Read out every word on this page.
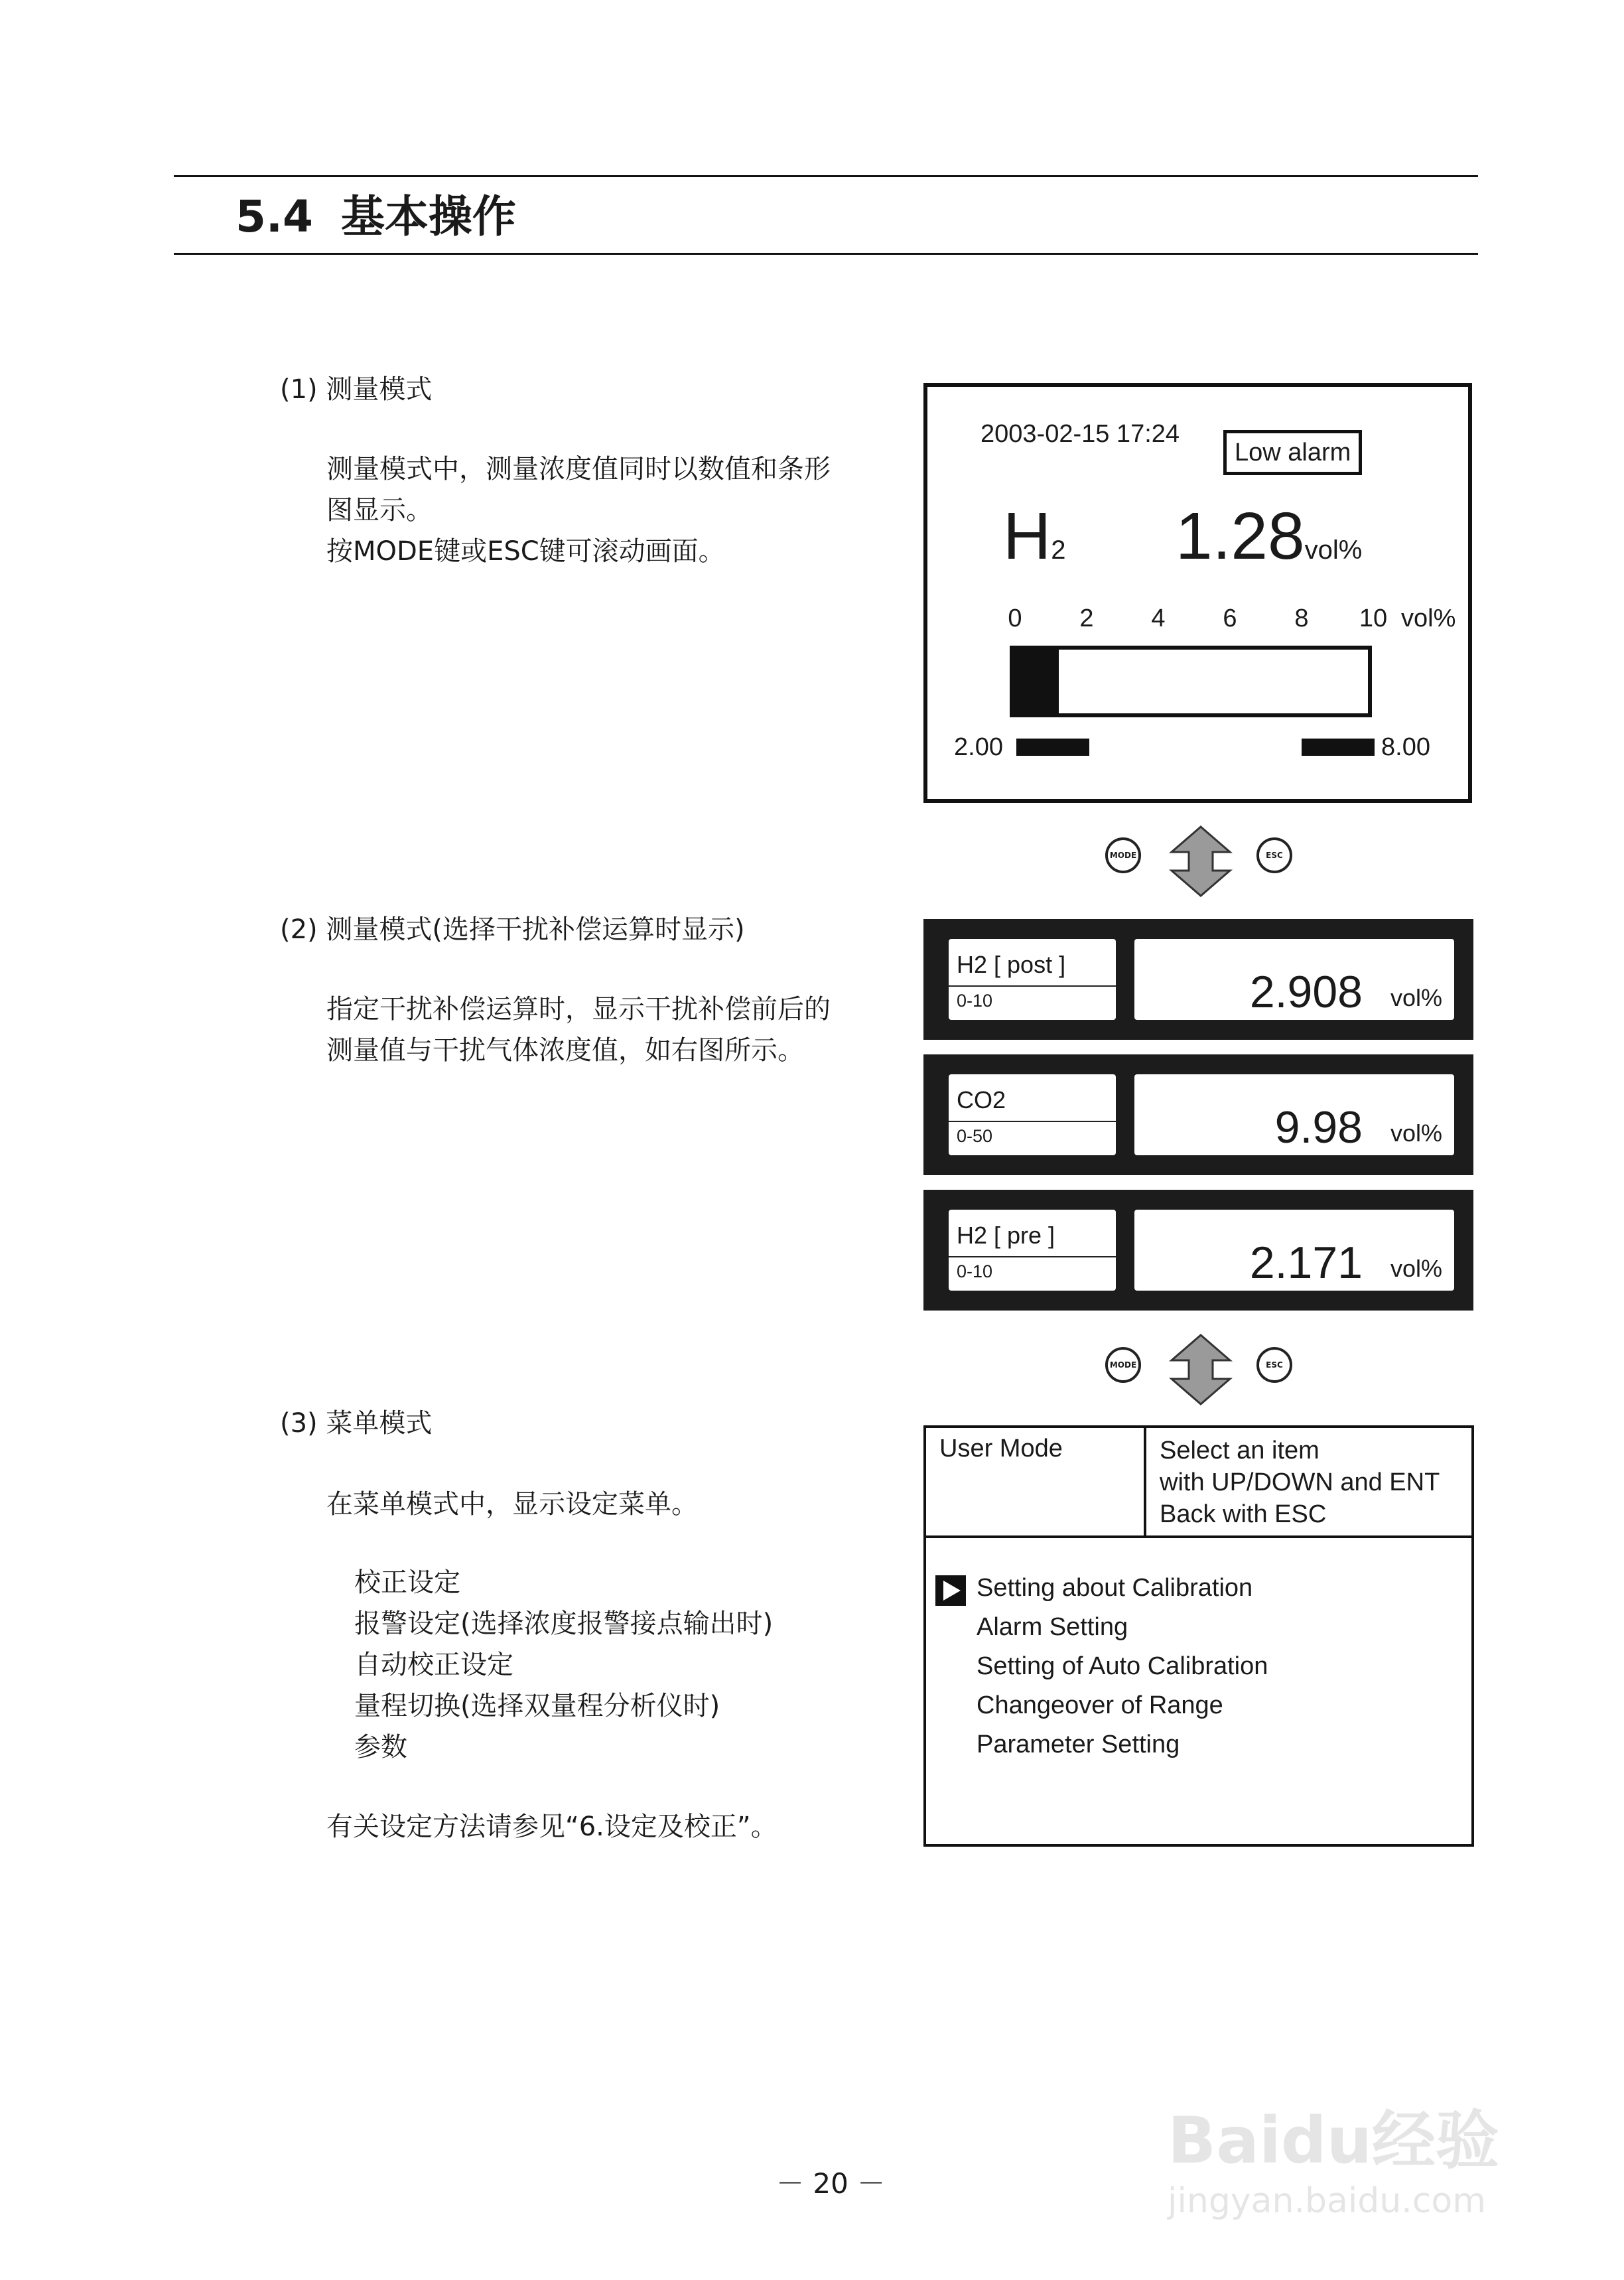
5.4 基本操作
(1) 测量模式
测量模式中，测量浓度值同时以数值和条形
图显示。
按MODE键或ESC键可滚动画面。
2003-02-15 17:24
Low alarm
H2 1.28vol%
0 2 4 6 8 10 vol%
2.00	8.00
MODE	ESC
(2) 测量模式(选择干扰补偿运算时显示)
指定干扰补偿运算时，显示干扰补偿前后的
测量值与干扰气体浓度值，如右图所示。
H2 [ post ]
0-10	2.908 vol%
CO2
0-50	9.98 vol%
H2 [ pre ]
0-10	2.171 vol%
MODE	ESC
(3) 菜单模式
在菜单模式中，显示设定菜单。
校正设定
报警设定(选择浓度报警接点输出时)
自动校正设定
量程切换(选择双量程分析仪时)
参数
有关设定方法请参见“6.设定及校正”。
User Mode	Select an item
with UP/DOWN and ENT
Back with ESC
Setting about Calibration
Alarm Setting
Setting of Auto Calibration
Changeover of Range
Parameter Setting
－ 20 －
Baidu经验
jingyan.baidu.com
